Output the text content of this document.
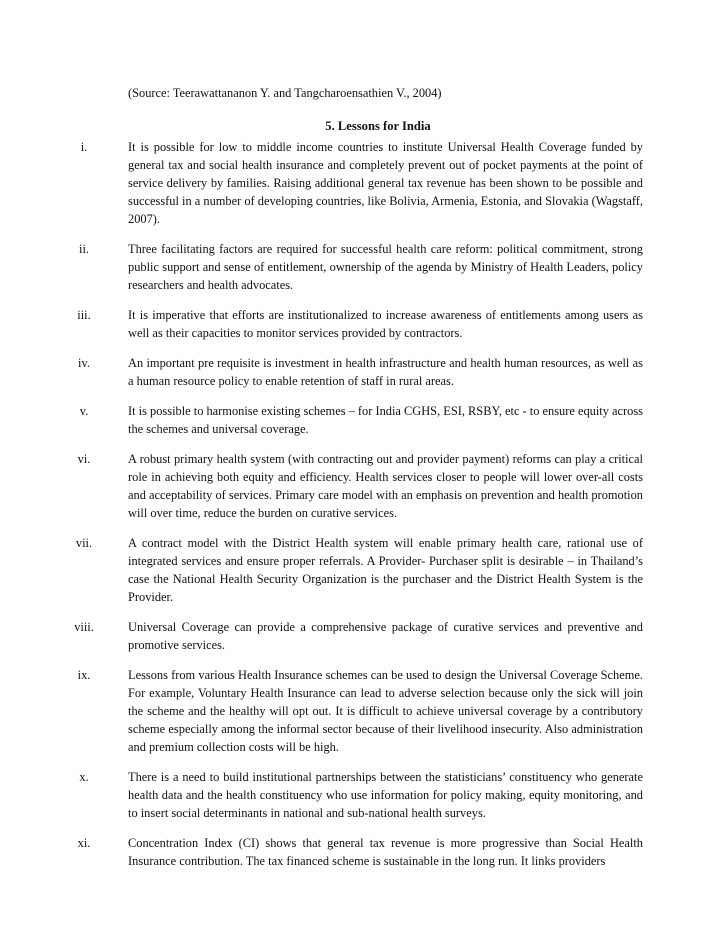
(Source: Teerawattananon Y. and Tangcharoensathien V., 2004)
5. Lessons for India
i.	It is possible for low to middle income countries to institute Universal Health Coverage funded by general tax and social health insurance and completely prevent out of pocket payments at the point of service delivery by families. Raising additional general tax revenue has been shown to be possible and successful in a number of developing countries, like Bolivia, Armenia, Estonia, and Slovakia (Wagstaff, 2007).
ii.	Three facilitating factors are required for successful health care reform: political commitment, strong public support and sense of entitlement, ownership of the agenda by Ministry of Health Leaders, policy researchers and health advocates.
iii.	It is imperative that efforts are institutionalized to increase awareness of entitlements among users as well as their capacities to monitor services provided by contractors.
iv.	An important pre requisite is investment in health infrastructure and health human resources, as well as a human resource policy to enable retention of staff in rural areas.
v.	It is possible to harmonise existing schemes – for India CGHS, ESI, RSBY, etc - to ensure equity across the schemes and universal coverage.
vi.	A robust primary health system (with contracting out and provider payment) reforms can play a critical role in achieving both equity and efficiency. Health services closer to people will lower over-all costs and acceptability of services. Primary care model with an emphasis on prevention and health promotion will over time, reduce the burden on curative services.
vii.	A contract model with the District Health system will enable primary health care, rational use of integrated services and ensure proper referrals. A Provider- Purchaser split is desirable – in Thailand’s case the National Health Security Organization is the purchaser and the District Health System is the Provider.
viii.	Universal Coverage can provide a comprehensive package of curative services and preventive and promotive services.
ix.	Lessons from various Health Insurance schemes can be used to design the Universal Coverage Scheme. For example, Voluntary Health Insurance can lead to adverse selection because only the sick will join the scheme and the healthy will opt out. It is difficult to achieve universal coverage by a contributory scheme especially among the informal sector because of their livelihood insecurity. Also administration and premium collection costs will be high.
x.	There is a need to build institutional partnerships between the statisticians’ constituency who generate health data and the health constituency who use information for policy making, equity monitoring, and to insert social determinants in national and sub-national health surveys.
xi.	Concentration Index (CI) shows that general tax revenue is more progressive than Social Health Insurance contribution. The tax financed scheme is sustainable in the long run. It links providers
